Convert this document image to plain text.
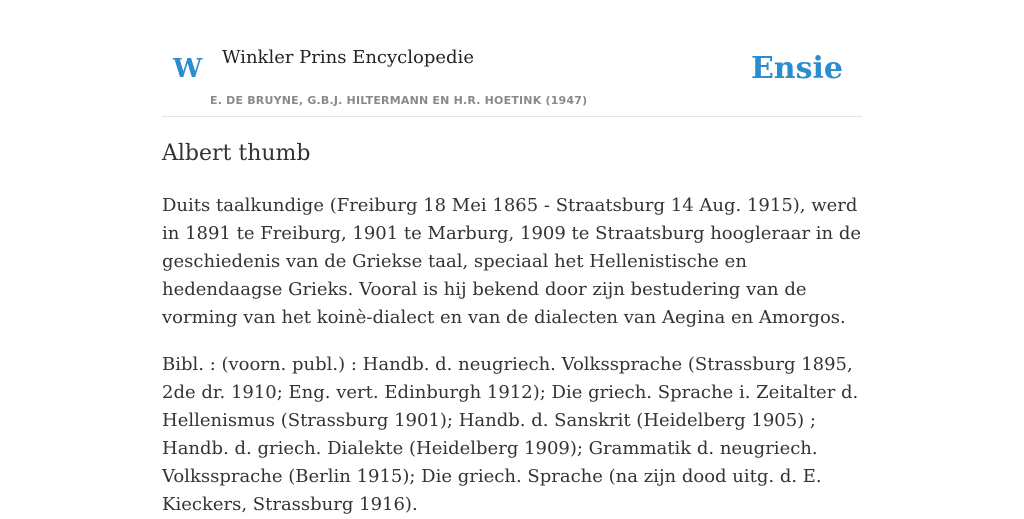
W Winkler Prins Encyclopedie
E. DE BRUYNE, G.B.J. HILTERMANN EN H.R. HOETINK (1947)
Ensie
Albert thumb

Duits taalkundige (Freiburg 18 Mei 1865 - Straatsburg 14 Aug. 1915), werd in 1891 te Freiburg, 1901 te Marburg, 1909 te Straatsburg hoogleraar in de geschiedenis van de Griekse taal, speciaal het Hellenistische en hedendaagse Grieks. Vooral is hij bekend door zijn bestudering van de vorming van het koinè-dialect en van de dialecten van Aegina en Amorgos.

Bibl. : (voorn. publ.) : Handb. d. neugriech. Volkssprache (Strassburg 1895, 2de dr. 1910; Eng. vert. Edinburgh 1912); Die griech. Sprache i. Zeitalter d. Hellenismus (Strassburg 1901); Handb. d. Sanskrit (Heidelberg 1905) ; Handb. d. griech. Dialekte (Heidelberg 1909); Grammatik d. neugriech. Volkssprache (Berlin 1915); Die griech. Sprache (na zijn dood uitg. d. E. Kieckers, Strassburg 1916).
